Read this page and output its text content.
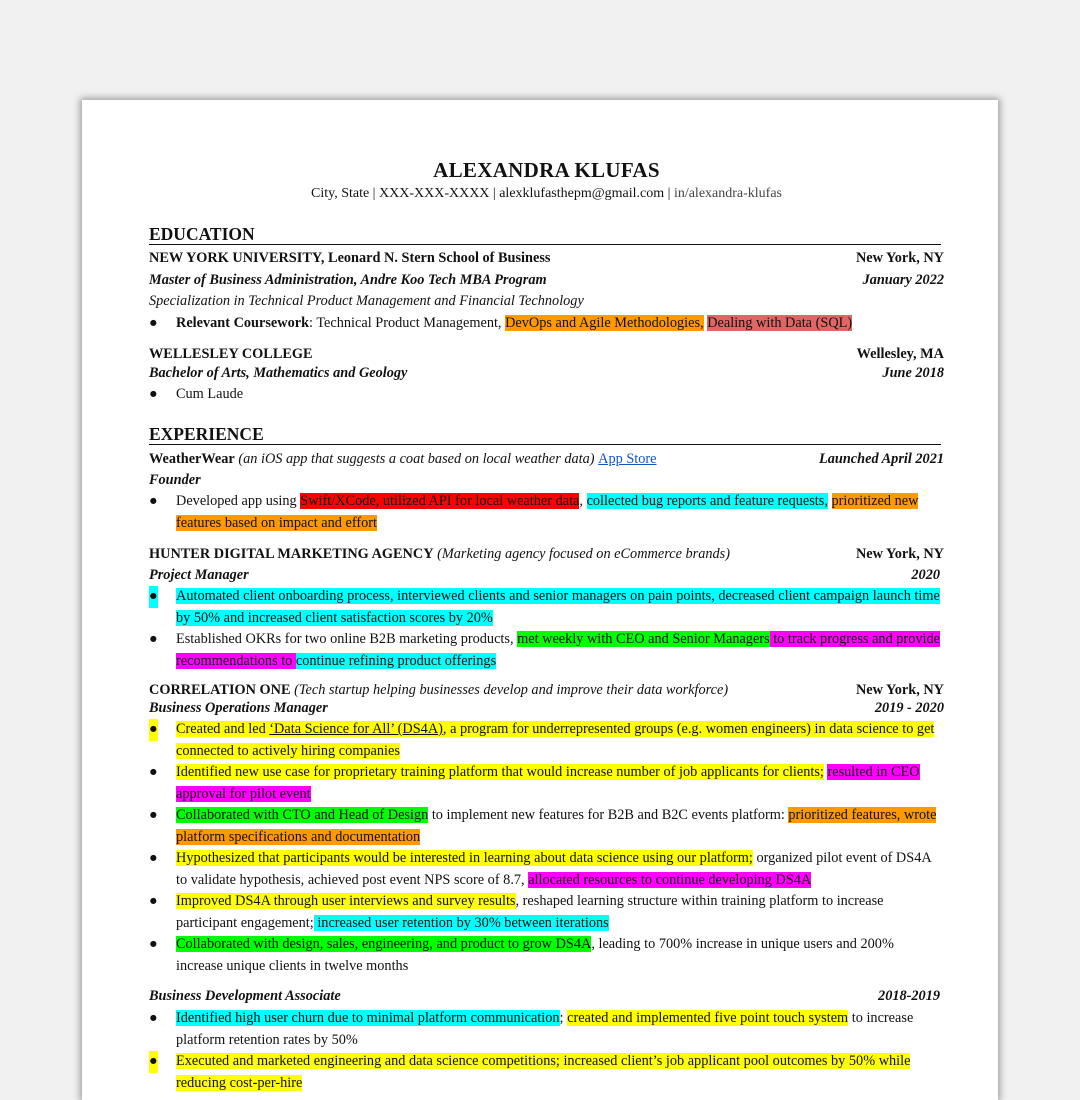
ALEXANDRA KLUFAS
City, State | XXX-XXX-XXXX | alexklufasthepm@gmail.com | in/alexandra-klufas
EDUCATION
NEW YORK UNIVERSITY, Leonard N. Stern School of Business	New York, NY
Master of Business Administration, Andre Koo Tech MBA Program	January 2022
Specialization in Technical Product Management and Financial Technology
●	Relevant Coursework: Technical Product Management, DevOps and Agile Methodologies, Dealing with Data (SQL)
WELLESLEY COLLEGE	Wellesley, MA
Bachelor of Arts, Mathematics and Geology	June 2018
●	Cum Laude
EXPERIENCE
WeatherWear (an iOS app that suggests a coat based on local weather data) App Store	Launched April 2021
Founder
●	Developed app using Swift/XCode, utilized API for local weather data, collected bug reports and feature requests, prioritized new features based on impact and effort
HUNTER DIGITAL MARKETING AGENCY (Marketing agency focused on eCommerce brands)	New York, NY
Project Manager	2020
● Automated client onboarding process, interviewed clients and senior managers on pain points, decreased client campaign launch time by 50% and increased client satisfaction scores by 20%
●	Established OKRs for two online B2B marketing products, met weekly with CEO and Senior Managers to track progress and provide recommendations to continue refining product offerings
CORRELATION ONE (Tech startup helping businesses develop and improve their data workforce)	New York, NY
Business Operations Manager	2019 - 2020
● Created and led ‘Data Science for All’ (DS4A), a program for underrepresented groups (e.g. women engineers) in data science to get connected to actively hiring companies
●	Identified new use case for proprietary training platform that would increase number of job applicants for clients; resulted in CEO approval for pilot event
●	Collaborated with CTO and Head of Design to implement new features for B2B and B2C events platform: prioritized features, wrote platform specifications and documentation
●	Hypothesized that participants would be interested in learning about data science using our platform; organized pilot event of DS4A to validate hypothesis, achieved post event NPS score of 8.7, allocated resources to continue developing DS4A
●	Improved DS4A through user interviews and survey results, reshaped learning structure within training platform to increase participant engagement; increased user retention by 30% between iterations
●	Collaborated with design, sales, engineering, and product to grow DS4A, leading to 700% increase in unique users and 200% increase unique clients in twelve months
Business Development Associate	2018-2019
●	Identified high user churn due to minimal platform communication; created and implemented five point touch system to increase platform retention rates by 50%
● Executed and marketed engineering and data science competitions; increased client’s job applicant pool outcomes by 50% while reducing cost-per-hire
